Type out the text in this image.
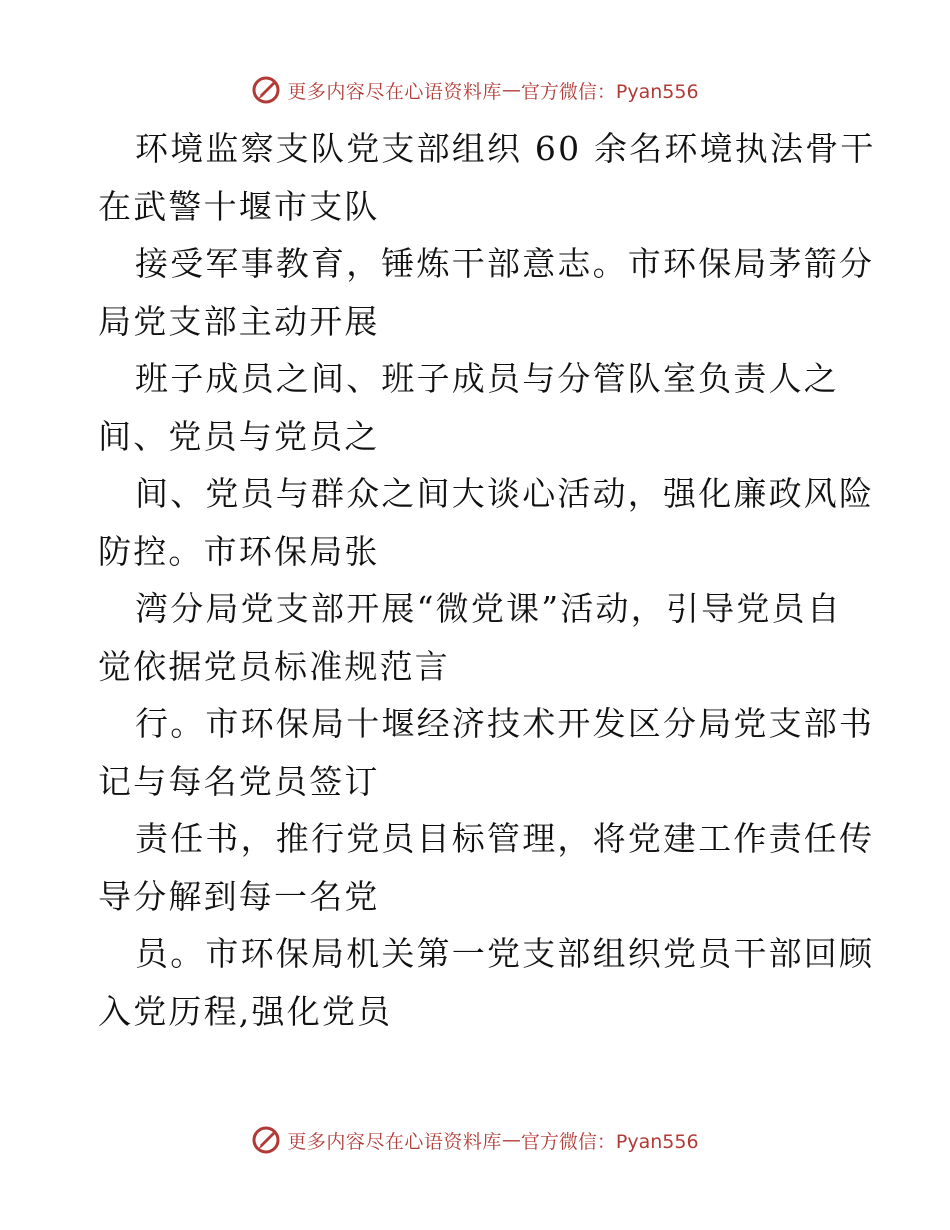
更多内容尽在心语资料库 — 官方微信：Pyan556

环境监察支队党支部组织 60 余名环境执法骨干
在武警十堰市支队

接受军事教育，锤炼干部意志。市环保局茅箭分
局党支部主动开展

班子成员之间、班子成员与分管队室负责人之
间、党员与党员之

间、党员与群众之间大谈心活动，强化廉政风险
防控。市环保局张

湾分局党支部开展“微党课”活动，引导党员自
觉依据党员标准规范言

行。市环保局十堰经济技术开发区分局党支部书
记与每名党员签订

责任书，推行党员目标管理，将党建工作责任传
导分解到每一名党

员。市环保局机关第一党支部组织党员干部回顾
入党历程,强化党员

更多内容尽在心语资料库 — 官方微信：Pyan556
